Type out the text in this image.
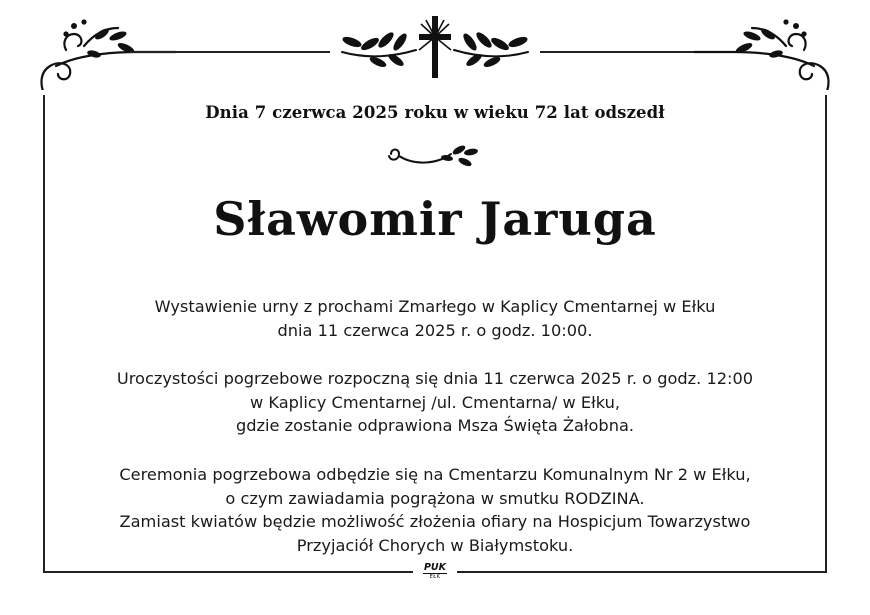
Dnia 7 czerwca 2025 roku w wieku 72 lat odszedł
Sławomir Jaruga
Wystawienie urny z prochami Zmarłego w Kaplicy Cmentarnej w Ełku
dnia 11 czerwca 2025 r. o godz. 10:00.
Uroczystości pogrzebowe rozpoczną się dnia 11 czerwca 2025 r. o godz. 12:00
w Kaplicy Cmentarnej /ul. Cmentarna/ w Ełku,
gdzie zostanie odprawiona Msza Święta Żałobna.
Ceremonia pogrzebowa odbędzie się na Cmentarzu Komunalnym Nr 2 w Ełku,
o czym zawiadamia pogrążona w smutku RODZINA.
Zamiast kwiatów będzie możliwość złożenia ofiary na Hospicjum Towarzystwo
Przyjaciół Chorych w Białymstoku.
PUK
EŁK
